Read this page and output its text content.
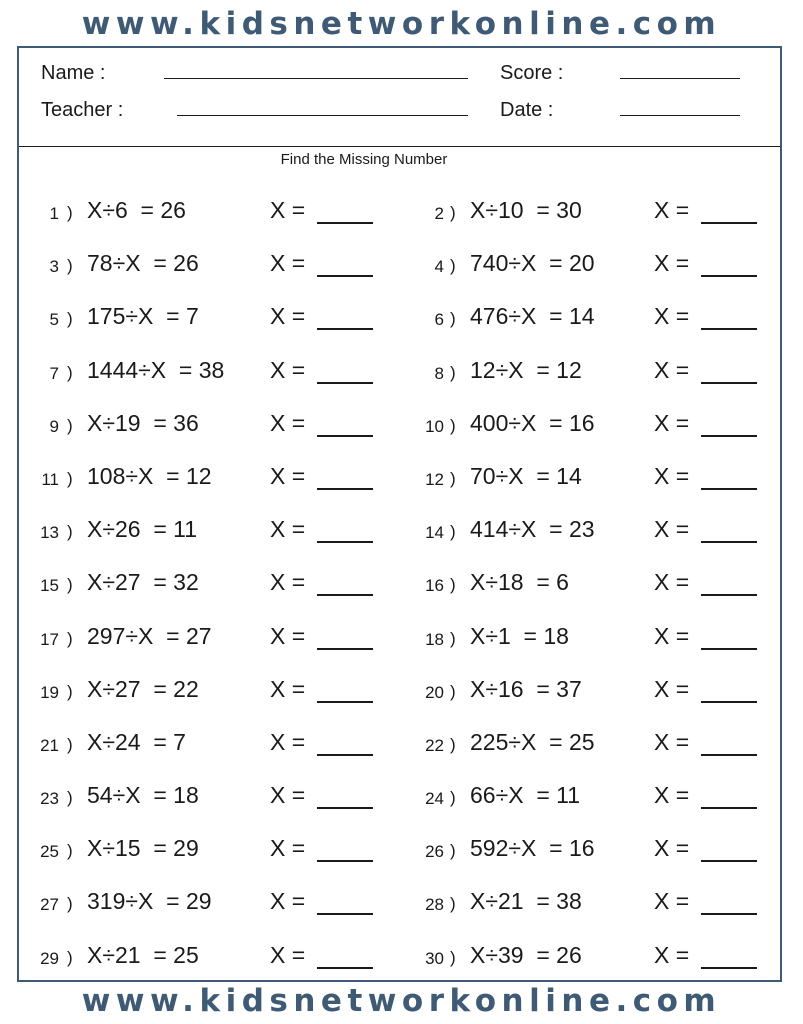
www.kidsnetworkonline.com
Name :	Score :
Teacher :	Date :
Find the Missing Number
1 ) X÷6  = 26	X =	2 ) X÷10  = 30	X =
3 ) 78÷X  = 26	X =	4 ) 740÷X  = 20	X =
5 ) 175÷X  = 7	X =	6 ) 476÷X  = 14	X =
7 ) 1444÷X  = 38 X =	8 ) 12÷X  = 12	X =
9 ) X÷19  = 36	X =	10 ) 400÷X  = 16	X =
11 ) 108÷X  = 12	X =	12 ) 70÷X  = 14	X =
13 ) X÷26  = 11	X =	14 ) 414÷X  = 23	X =
15 ) X÷27  = 32	X =	16 ) X÷18  = 6	X =
17 ) 297÷X  = 27	X =	18 ) X÷1  = 18	X =
19 ) X÷27  = 22	X =	20 ) X÷16  = 37	X =
21 ) X÷24  = 7	X =	22 ) 225÷X  = 25	X =
23 ) 54÷X  = 18	X =	24 ) 66÷X  = 11	X =
25 ) X÷15  = 29	X =	26 ) 592÷X  = 16	X =
27 ) 319÷X  = 29	X =	28 ) X÷21  = 38	X =
29 ) X÷21  = 25	X =	30 ) X÷39  = 26	X =
www.kidsnetworkonline.com
